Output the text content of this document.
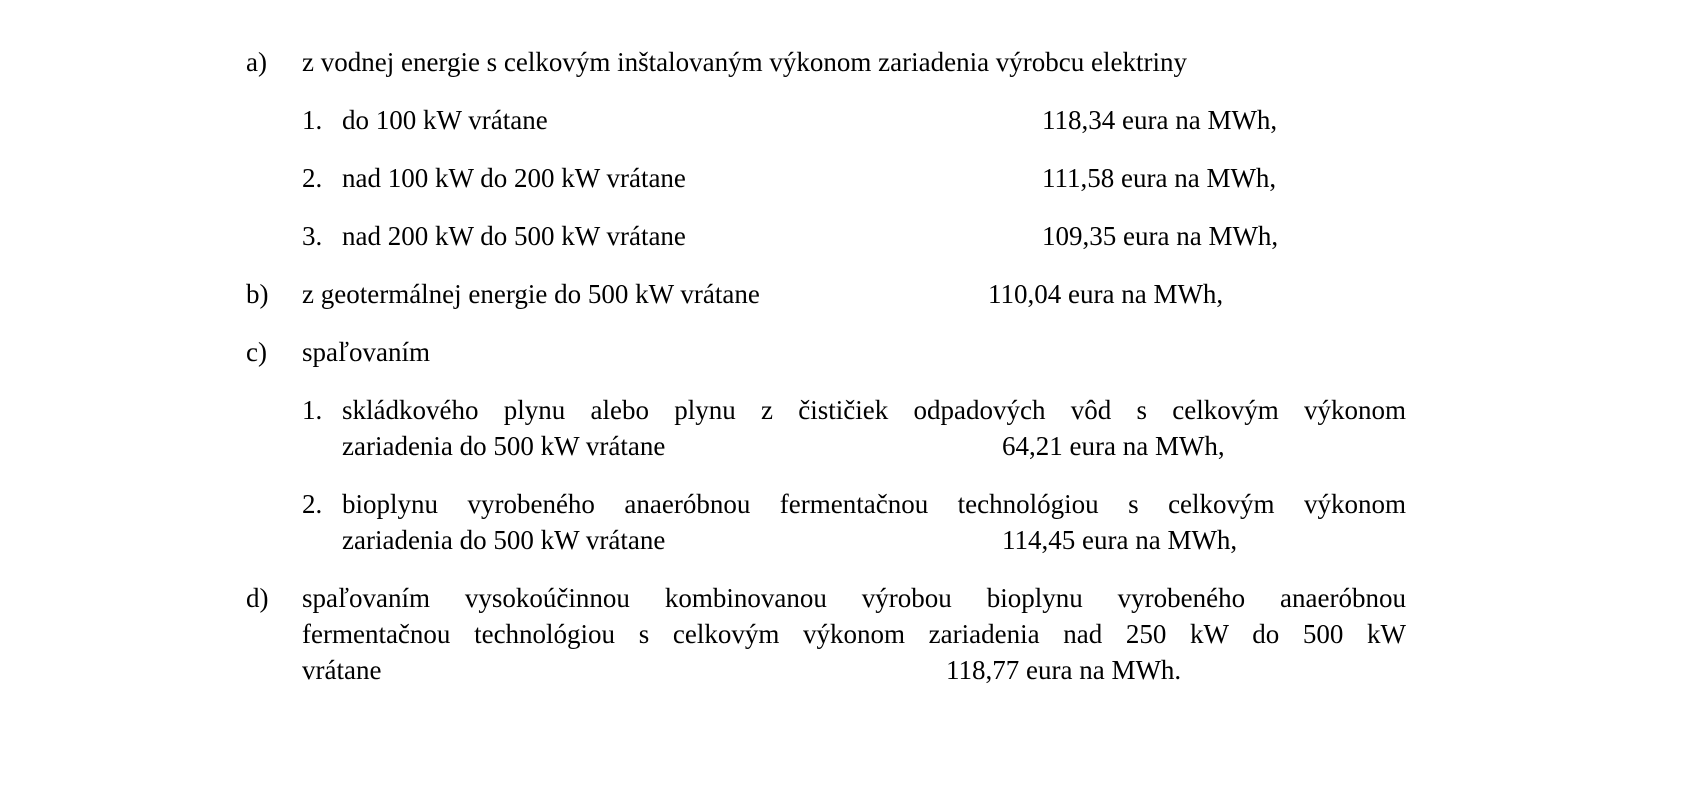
a)	z vodnej energie s celkovým inštalovaným výkonom zariadenia výrobcu elektriny
1. do 100 kW vrátane	118,34 eura na MWh,
2. nad 100 kW do 200 kW vrátane	111,58 eura na MWh,
3. nad 200 kW do 500 kW vrátane	109,35 eura na MWh,
b)	z geotermálnej energie do 500 kW vrátane	110,04 eura na MWh,
c)	spaľovaním
1. skládkového plynu alebo plynu z čističiek odpadových vôd s celkovým výkonom
zariadenia do 500 kW vrátane	64,21 eura na MWh,
2. bioplynu vyrobeného anaeróbnou fermentačnou technológiou s celkovým výkonom
zariadenia do 500 kW vrátane	114,45 eura na MWh,
d)	spaľovaním vysokoúčinnou kombinovanou výrobou bioplynu vyrobeného anaeróbnou
fermentačnou technológiou s celkovým výkonom zariadenia nad 250 kW do 500 kW
vrátane	118,77 eura na MWh.
